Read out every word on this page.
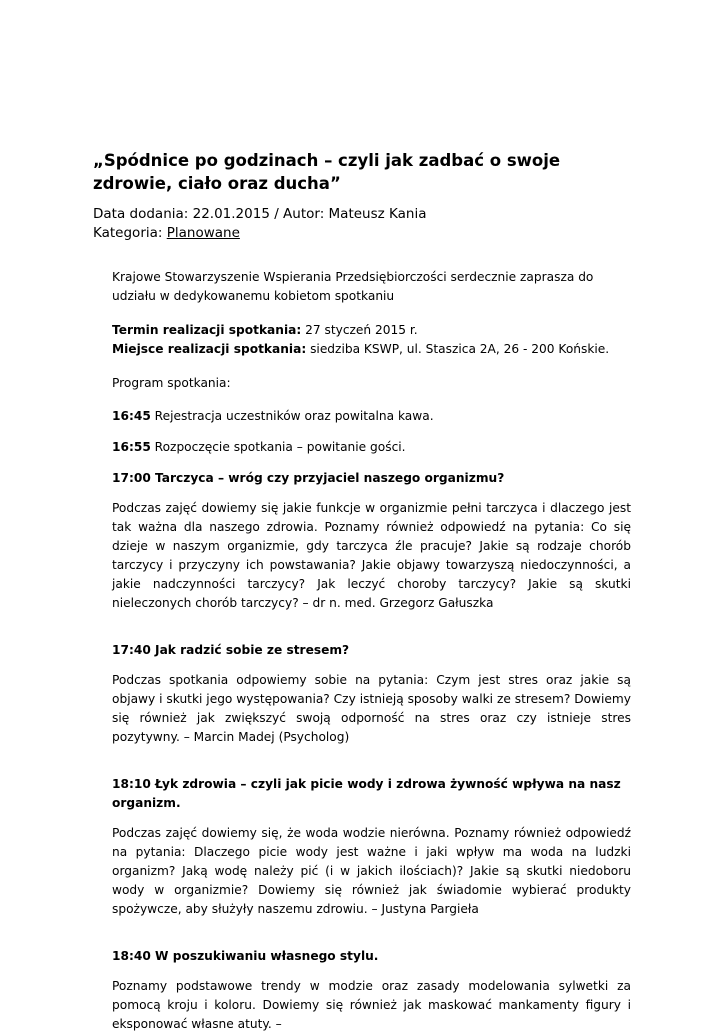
„Spódnice po godzinach – czyli jak zadbać o swoje zdrowie, ciało oraz ducha”
Data dodania: 22.01.2015 / Autor: Mateusz Kania
Kategoria: Planowane

Krajowe Stowarzyszenie Wspierania Przedsiębiorczości serdecznie zaprasza do udziału w dedykowanemu kobietom spotkaniu

Termin realizacji spotkania: 27 styczeń 2015 r.

Miejsce realizacji spotkania: siedziba KSWP, ul. Staszica 2A, 26 - 200 Końskie.

Program spotkania:

16:45 Rejestracja uczestników oraz powitalna kawa.

16:55 Rozpoczęcie spotkania – powitanie gości.

17:00 Tarczyca – wróg czy przyjaciel naszego organizmu?

Podczas zajęć dowiemy się jakie funkcje w organizmie pełni tarczyca i dlaczego jest tak ważna dla naszego zdrowia. Poznamy również odpowiedź na pytania: Co się dzieje w naszym organizmie, gdy tarczyca źle pracuje? Jakie są rodzaje chorób tarczycy i przyczyny ich powstawania? Jakie objawy towarzyszą niedoczynności, a jakie nadczynności tarczycy? Jak leczyć choroby tarczycy? Jakie są skutki nieleczonych chorób tarczycy? – dr n. med. Grzegorz Gałuszka

17:40 Jak radzić sobie ze stresem?

Podczas spotkania odpowiemy sobie na pytania: Czym jest stres oraz jakie są objawy i skutki jego występowania? Czy istnieją sposoby walki ze stresem? Dowiemy się również jak zwiększyć swoją odporność na stres oraz czy istnieje stres pozytywny. – Marcin Madej (Psycholog)

18:10 Łyk zdrowia – czyli jak picie wody i zdrowa żywność wpływa na nasz organizm.

Podczas zajęć dowiemy się, że woda wodzie nierówna. Poznamy również odpowiedź na pytania: Dlaczego picie wody jest ważne i jaki wpływ ma woda na ludzki organizm? Jaką wodę należy pić (i w jakich ilościach)? Jakie są skutki niedoboru wody w organizmie? Dowiemy się również jak świadomie wybierać produkty spożywcze, aby służyły naszemu zdrowiu. – Justyna Pargieła

18:40 W poszukiwaniu własnego stylu.

Poznamy podstawowe trendy w modzie oraz zasady modelowania sylwetki za pomocą kroju i koloru. Dowiemy się również jak maskować mankamenty figury i eksponować własne atuty. –
